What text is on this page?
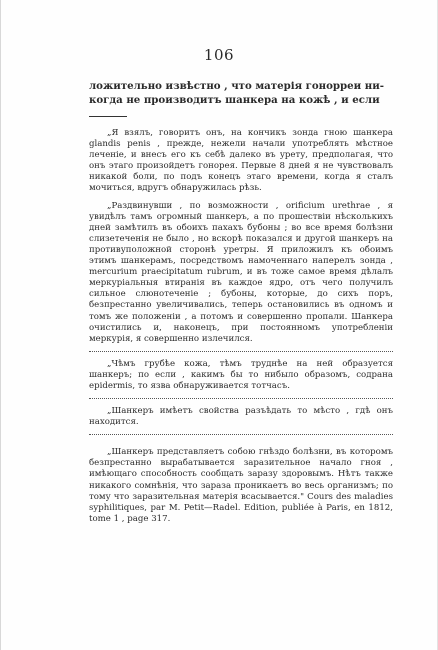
106
ложительно извѣстно , что матерія гонорреи ни-
когда не производитъ шанкера на кожѣ , и если

„Я взялъ, говоритъ онъ, на кончикъ зонда гною шанкера glandis penis , прежде, нежели начали употреблять мѣстное леченіе, и внесъ его къ себѣ далеко въ урету, предполагая, что онъ этаго произойдетъ гонорея. Первые 8 дней я не чувствовалъ никакой боли, по подъ конецъ этаго времени, когда я сталъ мочиться, вдругъ обнаружилась рѣзь.

„Раздвинувши , по возможности , orificium urethrae , я увидѣлъ тамъ огромный шанкеръ, а по прошествіи нѣсколькихъ дней замѣтилъ въ обоихъ пахахъ бубоны ; во все время болѣзни слизетеченія не было , но вскорѣ показался и другой шанкеръ на противуположной сторонѣ уретры. Я приложилъ къ обоимъ этимъ шанкерамъ, посредствомъ намоченнаго наперелъ зонда , mercurium praecipitatum rubrum, и въ тоже самое время дѣлалъ меркуріальныя втиранія въ каждое ядро, отъ чего получилъ сильное слюнотеченіе ; бубоны, которые, до сихъ поръ, безпрестанно увеличивались, теперь остановились въ одномъ и томъ же положеніи , а потомъ и совершенно пропали. Шанкера очистились и, наконецъ, при постоянномъ употребленіи меркурія, я совершенно излечился.

„Чѣмъ грубѣе кожа, тѣмъ труднѣе на ней образуется шанкеръ; по если , какимъ бы то нибыло образомъ, содрана epidermis, то язва обнаруживается тотчасъ.

„Шанкеръ имѣетъ свойства разъѣдать то мѣсто , гдѣ онъ находится.

„Шанкеръ представляетъ собою гнѣздо болѣзни, въ которомъ безпрестанно вырабатывается заразительное начало гноя , имѣющаго способность сообщать заразу здоровымъ. Нѣтъ также никакого сомнѣнія, что зараза проникаетъ во весь организмъ; по тому что заразительная матерія всасывается." Cours des maladies syphilitiques, par M. Petit—Radel. Edition, publiée à Paris, en 1812, tome 1 , page 317.
